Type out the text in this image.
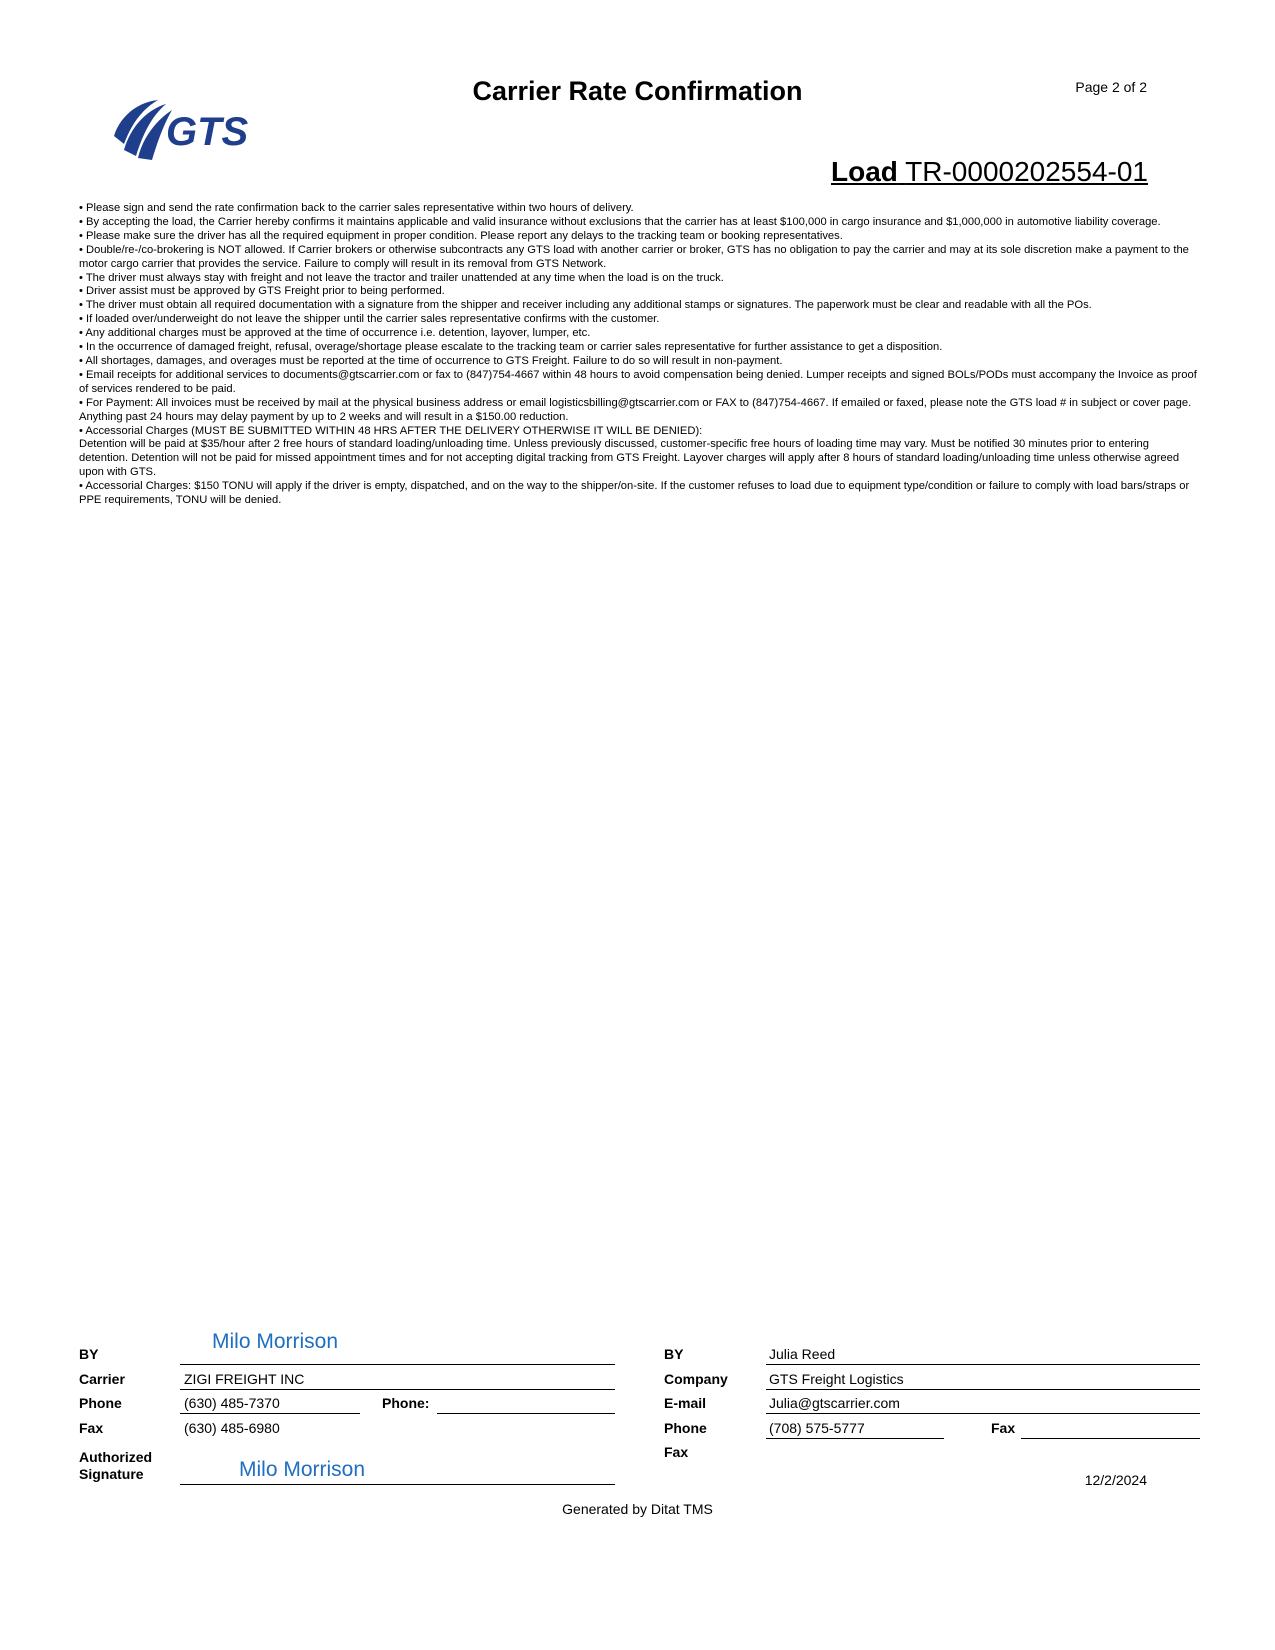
Carrier Rate Confirmation	Page 2 of 2
GTS
Load TR-0000202554-01
• Please sign and send the rate confirmation back to the carrier sales representative within two hours of delivery.
• By accepting the load, the Carrier hereby confirms it maintains applicable and valid insurance without exclusions that the carrier has at least $100,000 in cargo insurance and $1,000,000 in automotive liability coverage.
• Please make sure the driver has all the required equipment in proper condition. Please report any delays to the tracking team or booking representatives.
• Double/re-/co-brokering is NOT allowed. If Carrier brokers or otherwise subcontracts any GTS load with another carrier or broker, GTS has no obligation to pay the carrier and may at its sole discretion make a payment to the motor cargo carrier that provides the service. Failure to comply will result in its removal from GTS Network.
• The driver must always stay with freight and not leave the tractor and trailer unattended at any time when the load is on the truck.
• Driver assist must be approved by GTS Freight prior to being performed.
• The driver must obtain all required documentation with a signature from the shipper and receiver including any additional stamps or signatures. The paperwork must be clear and readable with all the POs.
• If loaded over/underweight do not leave the shipper until the carrier sales representative confirms with the customer.
• Any additional charges must be approved at the time of occurrence i.e. detention, layover, lumper, etc.
• In the occurrence of damaged freight, refusal, overage/shortage please escalate to the tracking team or carrier sales representative for further assistance to get a disposition.
• All shortages, damages, and overages must be reported at the time of occurrence to GTS Freight. Failure to do so will result in non-payment.
• Email receipts for additional services to documents@gtscarrier.com or fax to (847)754-4667 within 48 hours to avoid compensation being denied. Lumper receipts and signed BOLs/PODs must accompany the Invoice as proof of services rendered to be paid.
• For Payment: All invoices must be received by mail at the physical business address or email logisticsbilling@gtscarrier.com or FAX to (847)754-4667. If emailed or faxed, please note the GTS load # in subject or cover page. Anything past 24 hours may delay payment by up to 2 weeks and will result in a $150.00 reduction.
• Accessorial Charges (MUST BE SUBMITTED WITHIN 48 HRS AFTER THE DELIVERY OTHERWISE IT WILL BE DENIED):
Detention will be paid at $35/hour after 2 free hours of standard loading/unloading time. Unless previously discussed, customer-specific free hours of loading time may vary. Must be notified 30 minutes prior to entering detention. Detention will not be paid for missed appointment times and for not accepting digital tracking from GTS Freight. Layover charges will apply after 8 hours of standard loading/unloading time unless otherwise agreed upon with GTS.
• Accessorial Charges: $150 TONU will apply if the driver is empty, dispatched, and on the way to the shipper/on-site. If the customer refuses to load due to equipment type/condition or failure to comply with load bars/straps or PPE requirements, TONU will be denied.
BY
Milo Morrison
Carrier	ZIGI FREIGHT INC
Phone	(630) 485-7370	Phone:
Fax	(630) 485-6980
Authorized
Signature	Milo Morrison
BY	Julia Reed
Company	GTS Freight Logistics
E-mail	Julia@gtscarrier.com
Phone	(708) 575-5777	Fax
Fax
12/2/2024
Generated by Ditat TMS
